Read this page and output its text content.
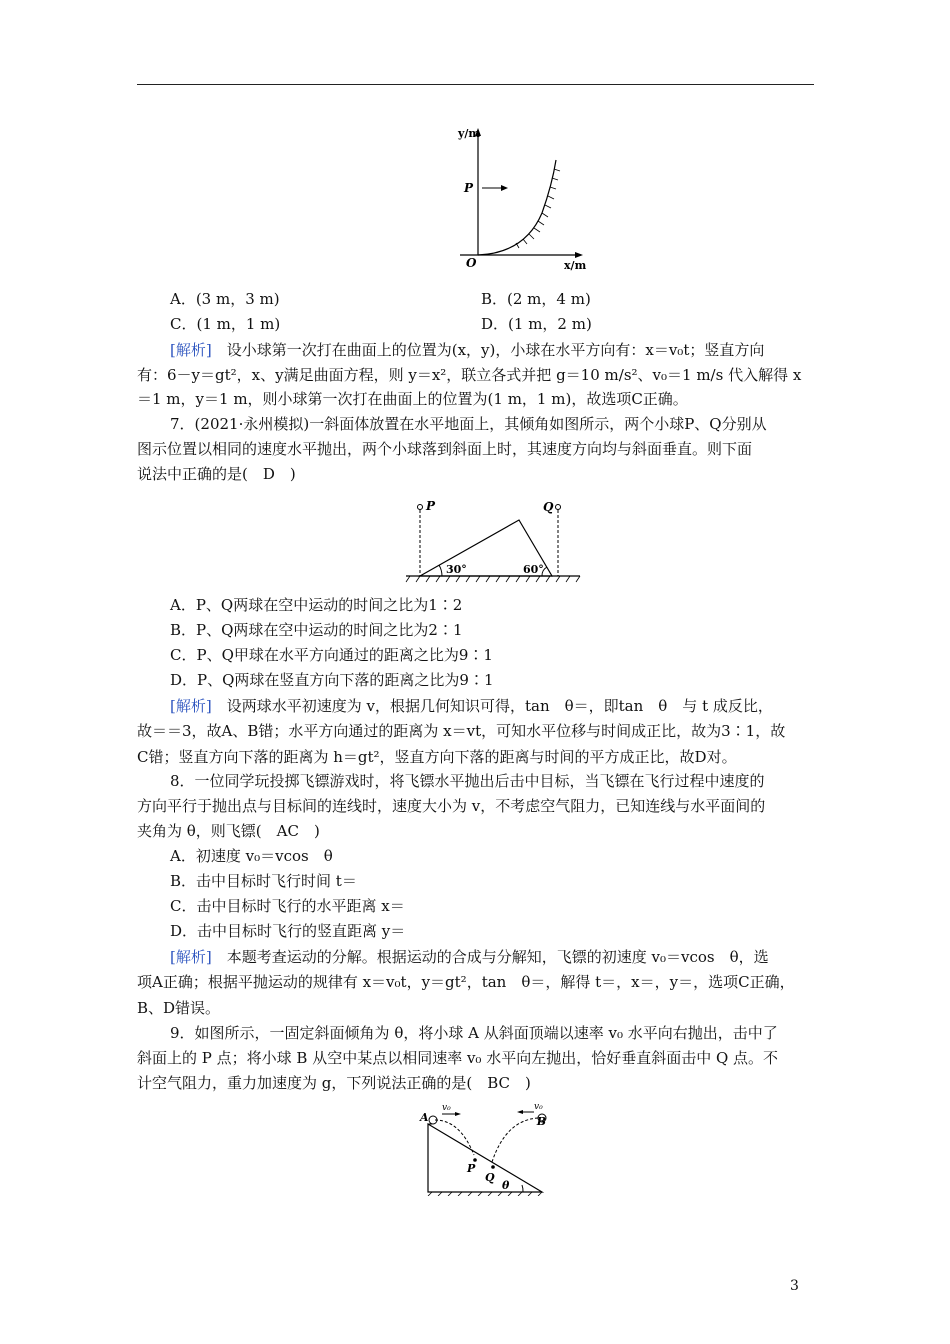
y/m
P
O	x/m
A．(3 m，3 m)	B．(2 m，4 m)
C．(1 m，1 m)	D．(1 m，2 m)
[解析]　 设小球第一次打在曲面上的位置为(x，y)，小球在水平方向有：x＝v₀t；竖直方向
有：6－y＝gt²，x、y满足曲面方程，则 y＝x²，联立各式并把 g＝10 m/s²、v₀＝1 m/s 代入解得 x
＝1 m，y＝1 m，则小球第一次打在曲面上的位置为(1 m，1 m)，故选项C正确。
7．(2021·永州模拟)一斜面体放置在水平地面上，其倾角如图所示，两个小球P、Q分别从
图示位置以相同的速度水平抛出，两个小球落到斜面上时，其速度方向均与斜面垂直。则下面
说法中正确的是(　D　)
P	Q
30°	60°
A．P、Q两球在空中运动的时间之比为1∶2
B．P、Q两球在空中运动的时间之比为2∶1
C．P、Q甲球在水平方向通过的距离之比为9∶1
D．P、Q两球在竖直方向下落的距离之比为9∶1
[解析]　 设两球水平初速度为 v，根据几何知识可得，tan　θ＝，即tan　θ　与 t 成反比，
故＝＝3，故A、B错；水平方向通过的距离为 x＝vt，可知水平位移与时间成正比，故为3∶1，故
C错；竖直方向下落的距离为 h＝gt²，竖直方向下落的距离与时间的平方成正比，故D对。
8．一位同学玩投掷飞镖游戏时，将飞镖水平抛出后击中目标，当飞镖在飞行过程中速度的
方向平行于抛出点与目标间的连线时，速度大小为 v，不考虑空气阻力，已知连线与水平面间的
夹角为 θ，则飞镖(　AC　)
A．初速度 v₀＝vcos　θ
B．击中目标时飞行时间 t＝
C．击中目标时飞行的水平距离 x＝
D．击中目标时飞行的竖直距离 y＝
[解析]　 本题考查运动的分解。根据运动的合成与分解知，飞镖的初速度 v₀＝vcos　θ，选
项A正确；根据平抛运动的规律有 x＝v₀t，y＝gt²，tan　θ＝，解得 t＝，x＝，y＝，选项C正确，
B、D错误。
9．如图所示，一固定斜面倾角为 θ，将小球 A 从斜面顶端以速率 v₀ 水平向右抛出，击中了
斜面上的 P 点；将小球 B 从空中某点以相同速率 v₀ 水平向左抛出，恰好垂直斜面击中 Q 点。不
计空气阻力，重力加速度为 g，下列说法正确的是(　BC　)
A
v₀	v₀
B
P
Q
θ
3
